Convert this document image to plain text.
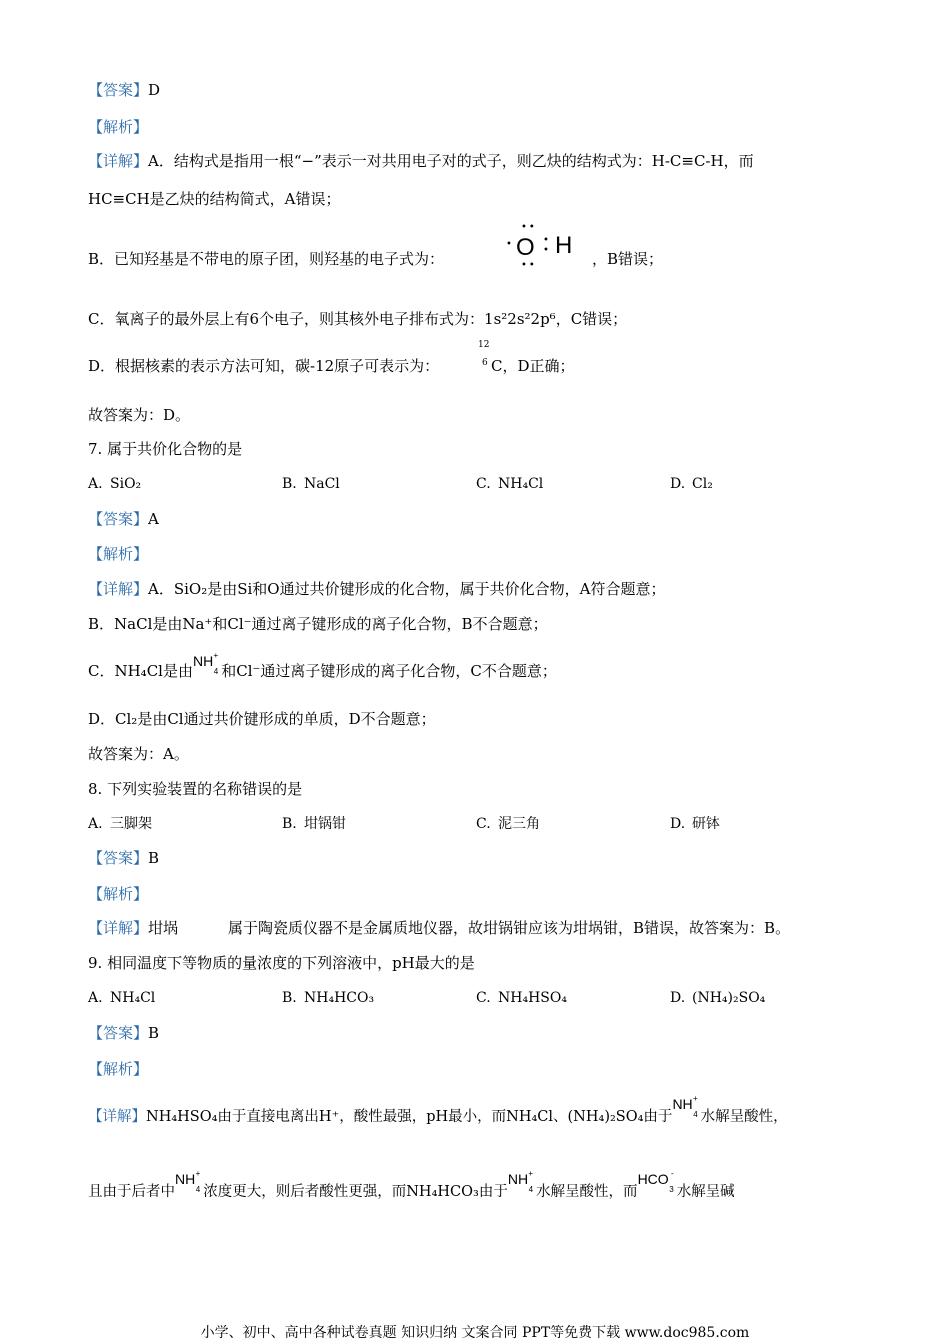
【答案】D
【解析】
【详解】A．结构式是指用一根“−”表示一对共用电子对的式子，则乙炔的结构式为：H-C≡C-H，而
HC≡CH是乙炔的结构简式，A错误；
B．已知羟基是不带电的原子团，则羟基的电子式为：
••
••
• O •
• H ，B错误；
C．氧离子的最外层上有6个电子，则其核外电子排布式为：1s²2s²2p⁶，C错误；
D．根据核素的表示方法可知，碳-12原子可表示为：
12
6 C，D正确；
故答案为：D。
7. 属于共价化合物的是
A. SiO₂	B. NaCl	C. NH₄Cl	D. Cl₂
【答案】A
【解析】
【详解】A．SiO₂是由Si和O通过共价键形成的化合物，属于共价化合物，A符合题意；
B．NaCl是由Na⁺和Cl⁻通过离子键形成的离子化合物，B不合题意；
C．NH₄Cl是由NH +
4 和Cl⁻通过离子键形成的离子化合物，C不合题意；
D．Cl₂是由Cl通过共价键形成的单质，D不合题意；
故答案为：A。
8. 下列实验装置的名称错误的是
A. 三脚架	B. 坩锅钳	C. 泥三角	D. 研钵
【答案】B
【解析】
【详解】坩埚	属于陶瓷质仪器不是金属质地仪器，故坩锅钳应该为坩埚钳，B错误，故答案为：B。
9. 相同温度下等物质的量浓度的下列溶液中，pH最大的是
A. NH₄Cl	B. NH₄HCO₃	C. NH₄HSO₄	D. (NH₄)₂SO₄
【答案】B
【解析】
【详解】NH₄HSO₄由于直接电离出H⁺，酸性最强，pH最小，而NH₄Cl、(NH₄)₂SO₄由于NH +
4 水解呈酸性，
且由于后者中NH +
4 浓度更大，则后者酸性更强，而NH₄HCO₃由于NH +
4 水解呈酸性，而HCO -
3 水解呈碱
小学、初中、高中各种试卷真题 知识归纳 文案合同 PPT等免费下载 www.doc985.com
